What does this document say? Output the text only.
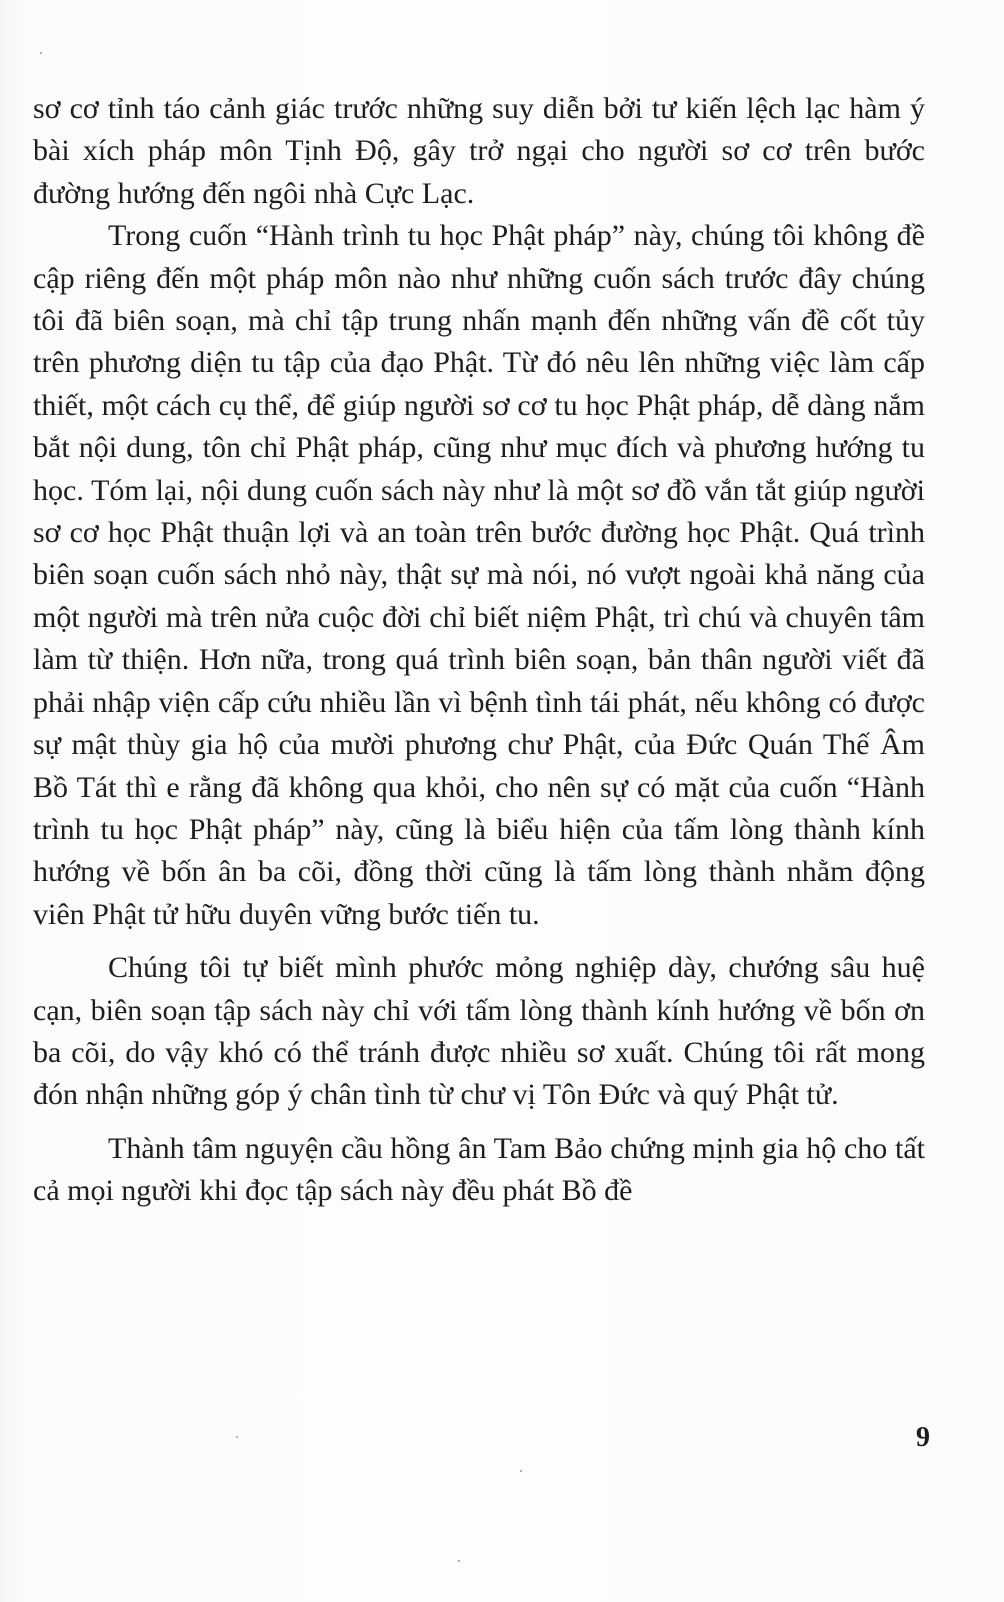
sơ cơ tỉnh táo cảnh giác trước những suy diễn bởi tư kiến lệch lạc hàm ý bài xích pháp môn Tịnh Độ, gây trở ngại cho người sơ cơ trên bước đường hướng đến ngôi nhà Cực Lạc.

Trong cuốn “Hành trình tu học Phật pháp” này, chúng tôi không đề cập riêng đến một pháp môn nào như những cuốn sách trước đây chúng tôi đã biên soạn, mà chỉ tập trung nhấn mạnh đến những vấn đề cốt tủy trên phương diện tu tập của đạo Phật. Từ đó nêu lên những việc làm cấp thiết, một cách cụ thể, để giúp người sơ cơ tu học Phật pháp, dễ dàng nắm bắt nội dung, tôn chỉ Phật pháp, cũng như mục đích và phương hướng tu học. Tóm lại, nội dung cuốn sách này như là một sơ đồ vắn tắt giúp người sơ cơ học Phật thuận lợi và an toàn trên bước đường học Phật. Quá trình biên soạn cuốn sách nhỏ này, thật sự mà nói, nó vượt ngoài khả năng của một người mà trên nửa cuộc đời chỉ biết niệm Phật, trì chú và chuyên tâm làm từ thiện. Hơn nữa, trong quá trình biên soạn, bản thân người viết đã phải nhập viện cấp cứu nhiều lần vì bệnh tình tái phát, nếu không có được sự mật thùy gia hộ của mười phương chư Phật, của Đức Quán Thế Âm Bồ Tát thì e rằng đã không qua khỏi, cho nên sự có mặt của cuốn “Hành trình tu học Phật pháp” này, cũng là biểu hiện của tấm lòng thành kính hướng về bốn ân ba cõi, đồng thời cũng là tấm lòng thành nhằm động viên Phật tử hữu duyên vững bước tiến tu.

Chúng tôi tự biết mình phước mỏng nghiệp dày, chướng sâu huệ cạn, biên soạn tập sách này chỉ với tấm lòng thành kính hướng về bốn ơn ba cõi, do vậy khó có thể tránh được nhiều sơ xuất. Chúng tôi rất mong đón nhận những góp ý chân tình từ chư vị Tôn Đức và quý Phật tử.

Thành tâm nguyện cầu hồng ân Tam Bảo chứng mịnh gia hộ cho tất cả mọi người khi đọc tập sách này đều phát Bồ đề

9
